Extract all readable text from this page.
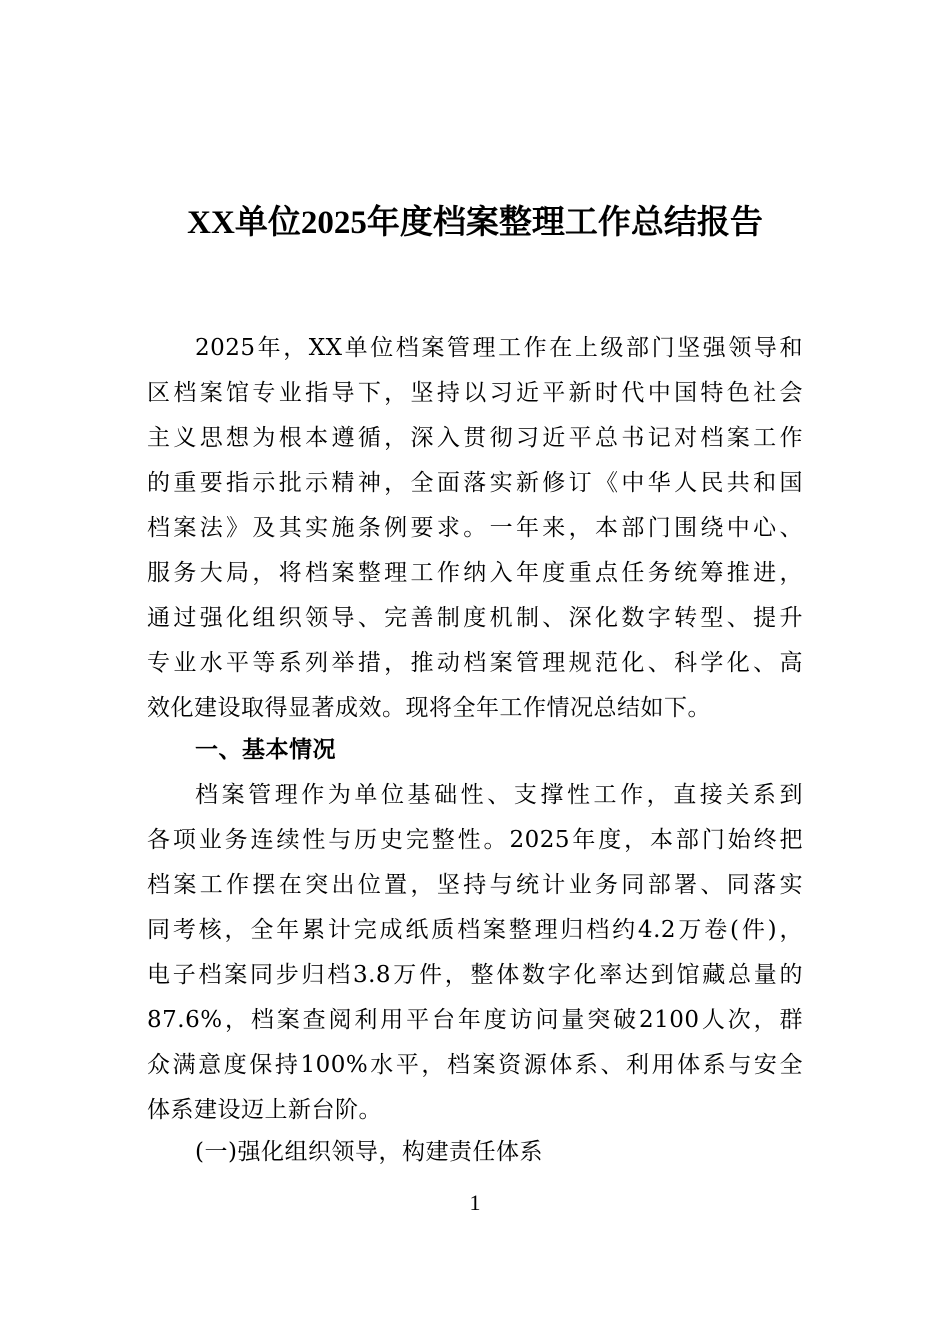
XX单位2025年度档案整理工作总结报告
2025年，XX单位档案管理工作在上级部门坚强领导和
区档案馆专业指导下，坚持以习近平新时代中国特色社会
主义思想为根本遵循，深入贯彻习近平总书记对档案工作
的重要指示批示精神，全面落实新修订《中华人民共和国
档案法》及其实施条例要求。一年来，本部门围绕中心、
服务大局，将档案整理工作纳入年度重点任务统筹推进，
通过强化组织领导、完善制度机制、深化数字转型、提升
专业水平等系列举措，推动档案管理规范化、科学化、高
效化建设取得显著成效。现将全年工作情况总结如下。
一、基本情况
档案管理作为单位基础性、支撑性工作，直接关系到
各项业务连续性与历史完整性。2025年度，本部门始终把
档案工作摆在突出位置，坚持与统计业务同部署、同落实
同考核，全年累计完成纸质档案整理归档约4.2万卷(件)，
电子档案同步归档3.8万件，整体数字化率达到馆藏总量的
87.6%，档案查阅利用平台年度访问量突破2100人次，群
众满意度保持100%水平，档案资源体系、利用体系与安全
体系建设迈上新台阶。
(一)强化组织领导，构建责任体系
1
